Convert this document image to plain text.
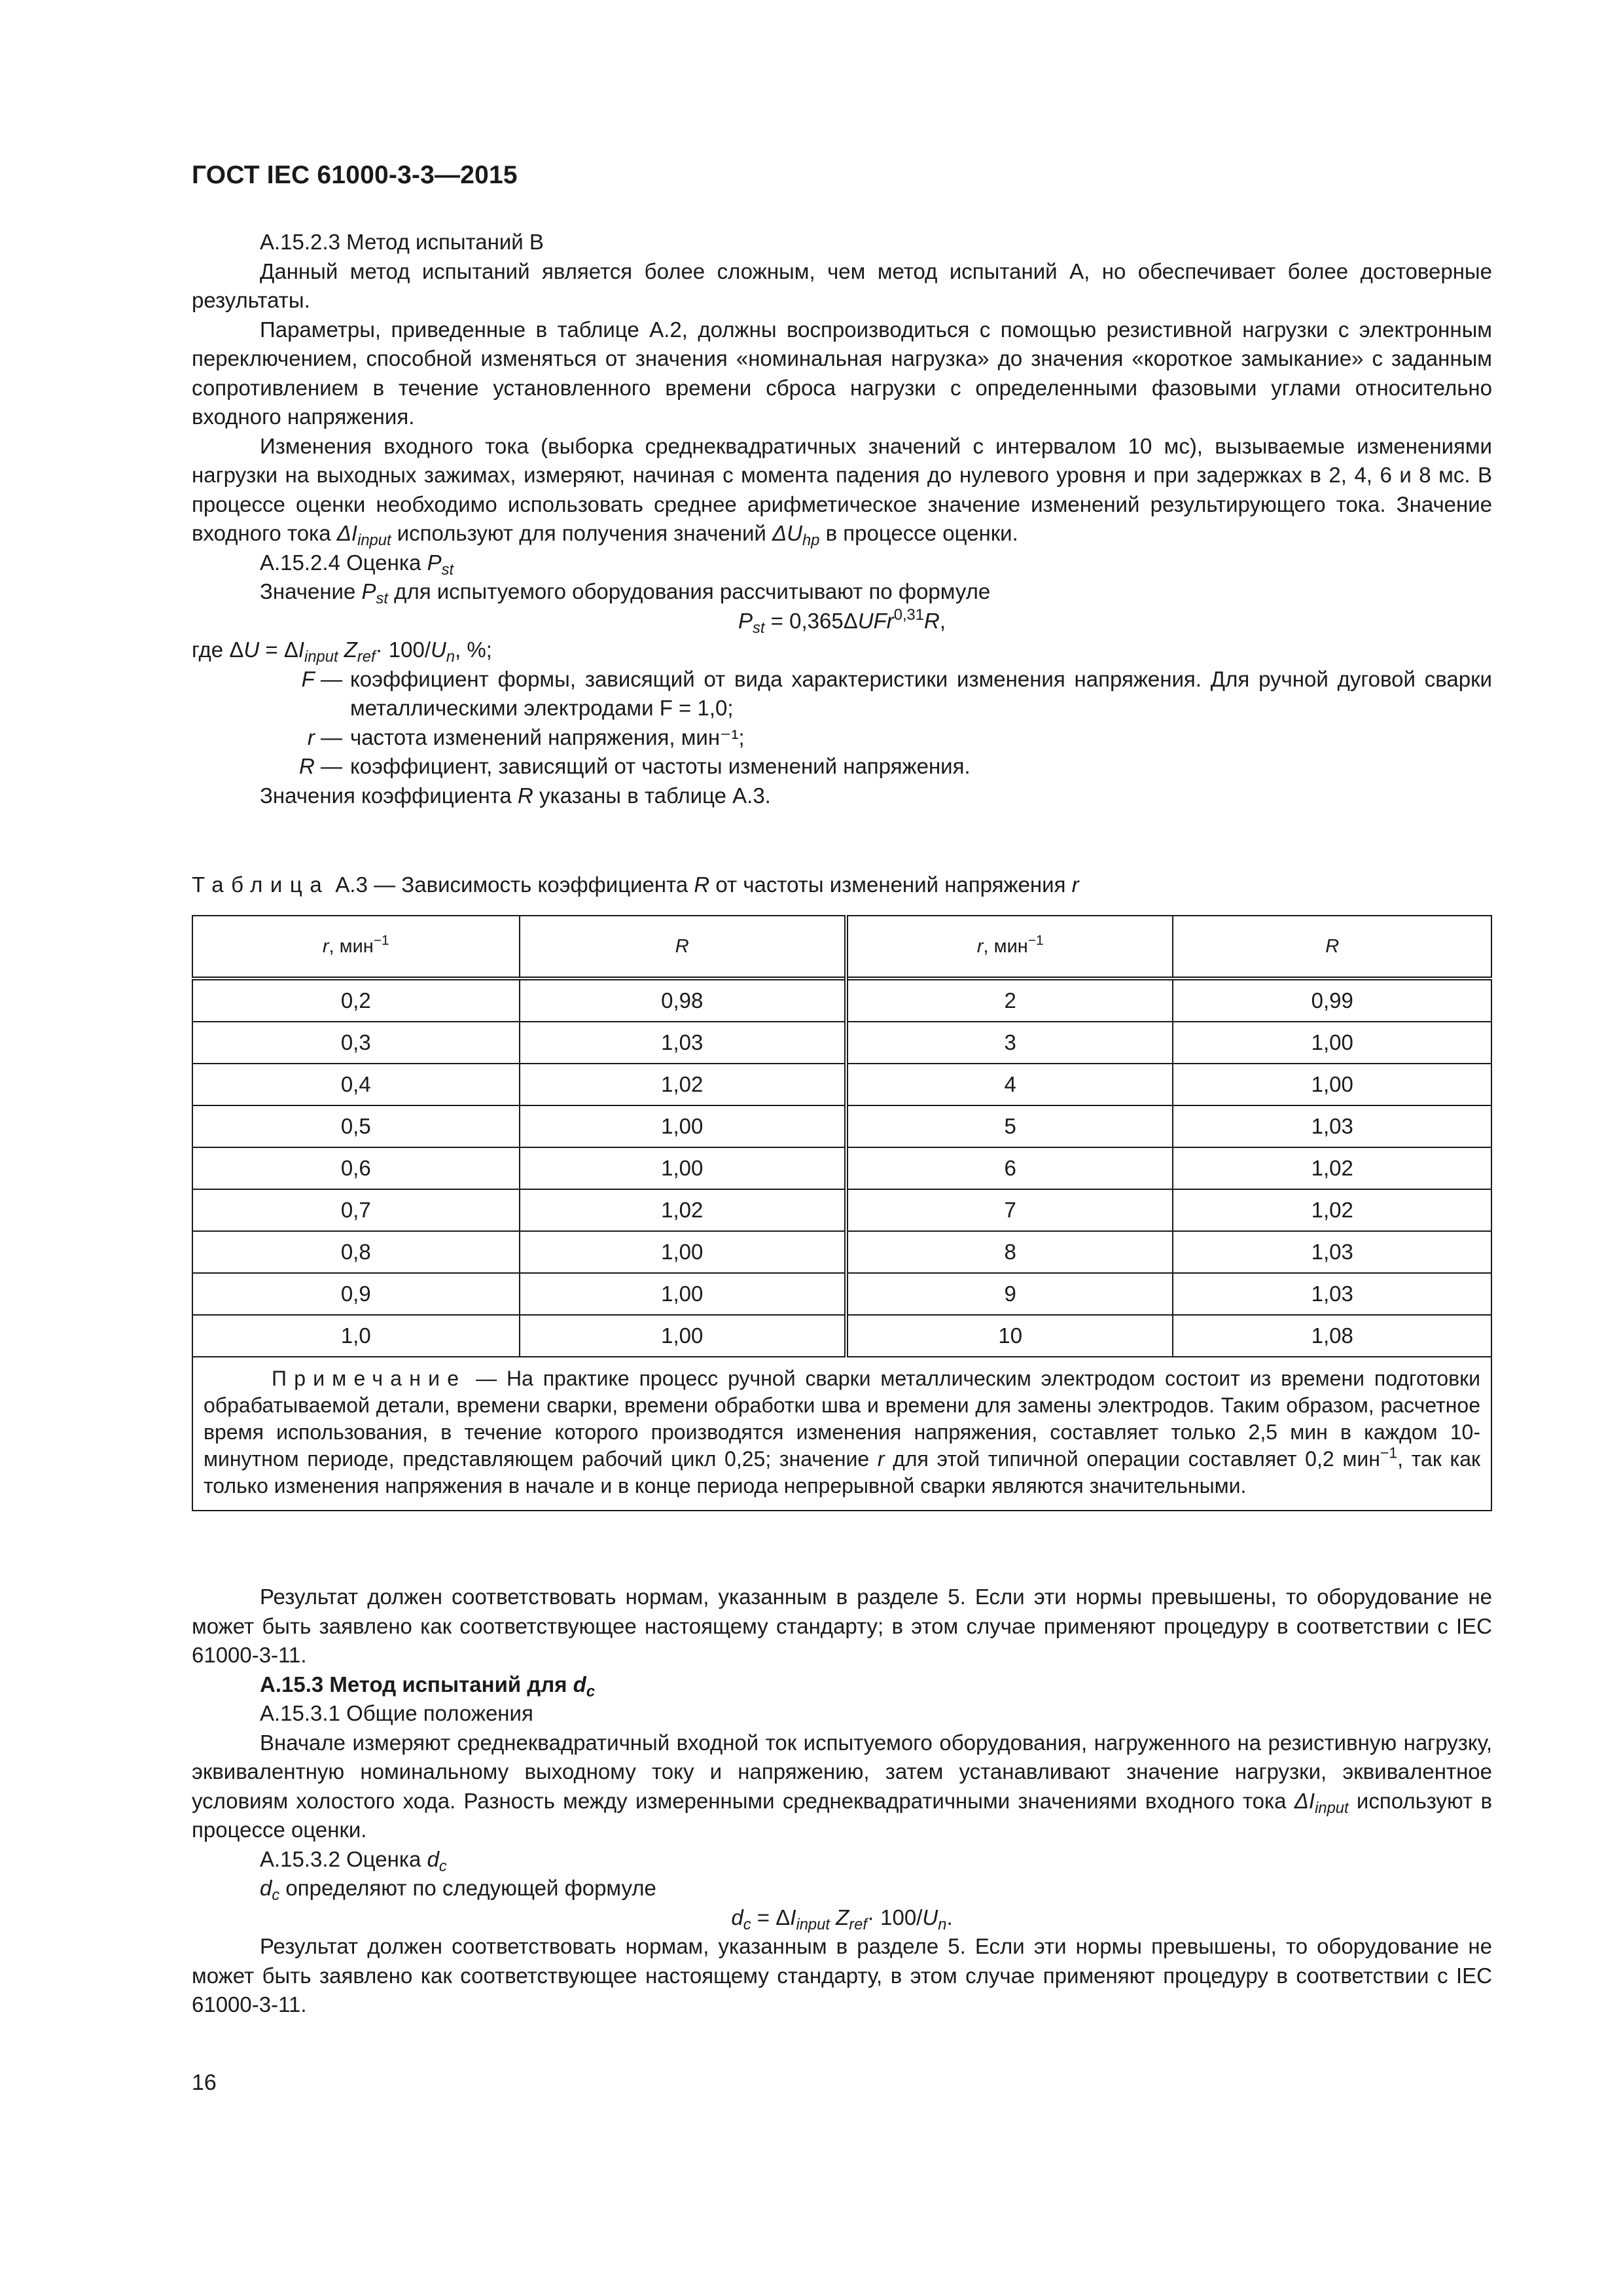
ГОСТ IEC 61000-3-3—2015

А.15.2.3 Метод испытаний В

Данный метод испытаний является более сложным, чем метод испытаний А, но обеспечивает более достоверные результаты.

Параметры, приведенные в таблице А.2, должны воспроизводиться с помощью резистивной нагрузки с электронным переключением, способной изменяться от значения «номинальная нагрузка» до значения «короткое замыкание» с заданным сопротивлением в течение установленного времени сброса нагрузки с определенными фазовыми углами относительно входного напряжения.

Изменения входного тока (выборка среднеквадратичных значений с интервалом 10 мс), вызываемые изменениями нагрузки на выходных зажимах, измеряют, начиная с момента падения до нулевого уровня и при задержках в 2, 4, 6 и 8 мс. В процессе оценки необходимо использовать среднее арифметическое значение изменений результирующего тока. Значение входного тока $\Delta I_{input}$ используют для получения значений $\Delta U_{hp}$ в процессе оценки.

А.15.2.4 Оценка $P_{st}$

Значение $P_{st}$ для испытуемого оборудования рассчитывают по формуле

$P_{st} = 0,365\Delta UFr^{0,31}R$,

где $\Delta U = \Delta I_{input}$ $Z_{ref}\cdot 100/U_n$, %;

F — коэффициент формы, зависящий от вида характеристики изменения напряжения. Для ручной дуговой сварки металлическими электродами F = 1,0;
r — частота изменений напряжения, мин⁻¹;
R — коэффициент, зависящий от частоты изменений напряжения.

Значения коэффициента R указаны в таблице А.3.

Таблица А.3 — Зависимость коэффициента R от частоты изменений напряжения r
r, мин$^{-1}$	R	r, мин$^{-1}$	R
0,2	0,98	2	0,99
0,3	1,03	3	1,00
0,4	1,02	4	1,00
0,5	1,00	5	1,03
0,6	1,00	6	1,02
0,7	1,02	7	1,02
0,8	1,00	8	1,03
0,9	1,00	9	1,03
1,0	1,00	10	1,08
Примечание — На практике процесс ручной сварки металлическим электродом состоит из времени подготовки обрабатываемой детали, времени сварки, времени обработки шва и времени для замены электродов. Таким образом, расчетное время использования, в течение которого производятся изменения напряжения, составляет только 2,5 мин в каждом 10-минутном периоде, представляющем рабочий цикл 0,25; значение r для этой типичной операции составляет 0,2 мин$^{-1}$, так как только изменения напряжения в начале и в конце периода непрерывной сварки являются значительными.			

Результат должен соответствовать нормам, указанным в разделе 5. Если эти нормы превышены, то оборудование не может быть заявлено как соответствующее настоящему стандарту; в этом случае применяют процедуру в соответствии с IEC 61000-3-11.

А.15.3 Метод испытаний для $d_c$

А.15.3.1 Общие положения

Вначале измеряют среднеквадратичный входной ток испытуемого оборудования, нагруженного на резистивную нагрузку, эквивалентную номинальному выходному току и напряжению, затем устанавливают значение нагрузки, эквивалентное условиям холостого хода. Разность между измеренными среднеквадратичными значениями входного тока $\Delta I_{input}$ используют в процессе оценки.

А.15.3.2 Оценка $d_c$

$d_c$ определяют по следующей формуле

$d_c = \Delta I_{input}$ $Z_{ref}\cdot 100/U_n$.

Результат должен соответствовать нормам, указанным в разделе 5. Если эти нормы превышены, то оборудование не может быть заявлено как соответствующее настоящему стандарту, в этом случае применяют процедуру в соответствии с IEC 61000-3-11.

16
